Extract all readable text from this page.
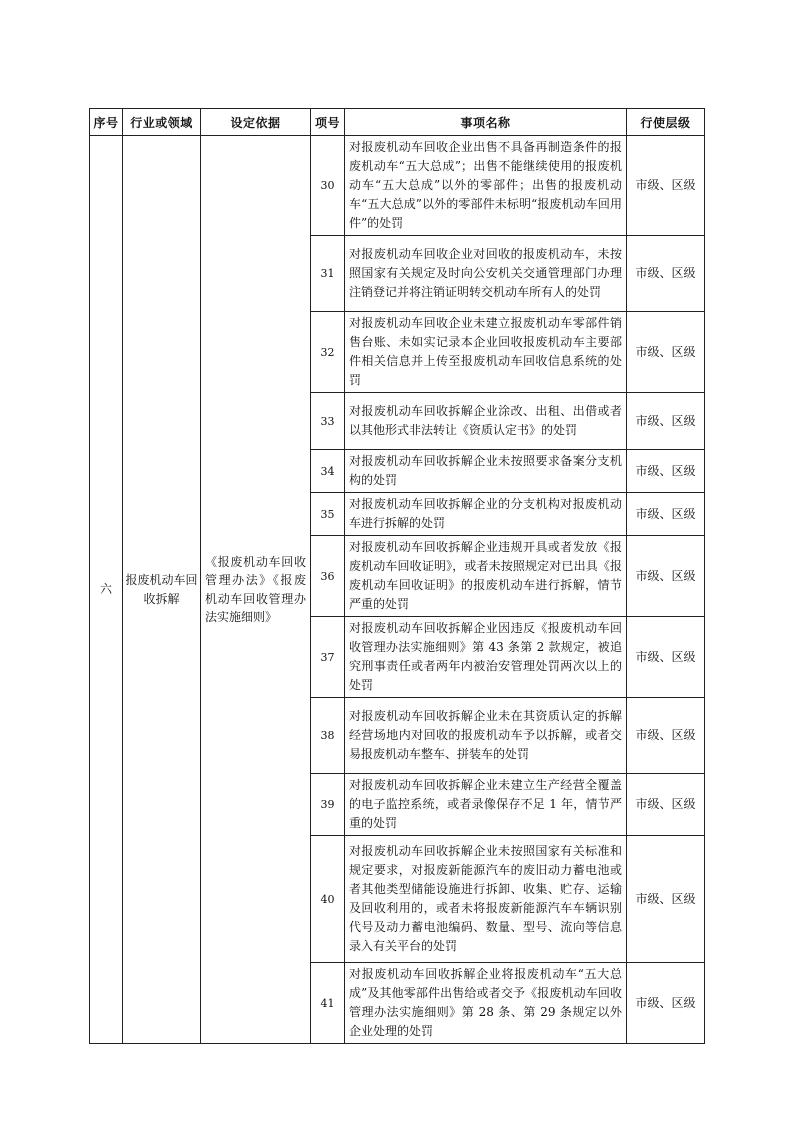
序号	行业或领域	设定依据	项号	事项名称	行使层级
六	报废机动车回收拆解	《报废机动车回收管理办法》《报废机动车回收管理办法实施细则》	30	对报废机动车回收企业出售不具备再制造条件的报废机动车“五大总成”；出售不能继续使用的报废机动车“五大总成”以外的零部件；出售的报废机动车“五大总成”以外的零部件未标明“报废机动车回用件”的处罚	市级、区级
			31	对报废机动车回收企业对回收的报废机动车，未按照国家有关规定及时向公安机关交通管理部门办理注销登记并将注销证明转交机动车所有人的处罚	市级、区级
			32	对报废机动车回收企业未建立报废机动车零部件销售台账、未如实记录本企业回收报废机动车主要部件相关信息并上传至报废机动车回收信息系统的处罚	市级、区级
			33	对报废机动车回收拆解企业涂改、出租、出借或者以其他形式非法转让《资质认定书》的处罚	市级、区级
			34	对报废机动车回收拆解企业未按照要求备案分支机构的处罚	市级、区级
			35	对报废机动车回收拆解企业的分支机构对报废机动车进行拆解的处罚	市级、区级
			36	对报废机动车回收拆解企业违规开具或者发放《报废机动车回收证明》，或者未按照规定对已出具《报废机动车回收证明》的报废机动车进行拆解，情节严重的处罚	市级、区级
			37	对报废机动车回收拆解企业因违反《报废机动车回收管理办法实施细则》第 43 条第 2 款规定，被追究刑事责任或者两年内被治安管理处罚两次以上的处罚	市级、区级
			38	对报废机动车回收拆解企业未在其资质认定的拆解经营场地内对回收的报废机动车予以拆解，或者交易报废机动车整车、拼装车的处罚	市级、区级
			39	对报废机动车回收拆解企业未建立生产经营全覆盖的电子监控系统，或者录像保存不足 1 年，情节严重的处罚	市级、区级
			40	对报废机动车回收拆解企业未按照国家有关标准和规定要求，对报废新能源汽车的废旧动力蓄电池或者其他类型储能设施进行拆卸、收集、贮存、运输及回收利用的，或者未将报废新能源汽车车辆识别代号及动力蓄电池编码、数量、型号、流向等信息录入有关平台的处罚	市级、区级
			41	对报废机动车回收拆解企业将报废机动车“五大总成”及其他零部件出售给或者交予《报废机动车回收管理办法实施细则》第 28 条、第 29 条规定以外企业处理的处罚	市级、区级
